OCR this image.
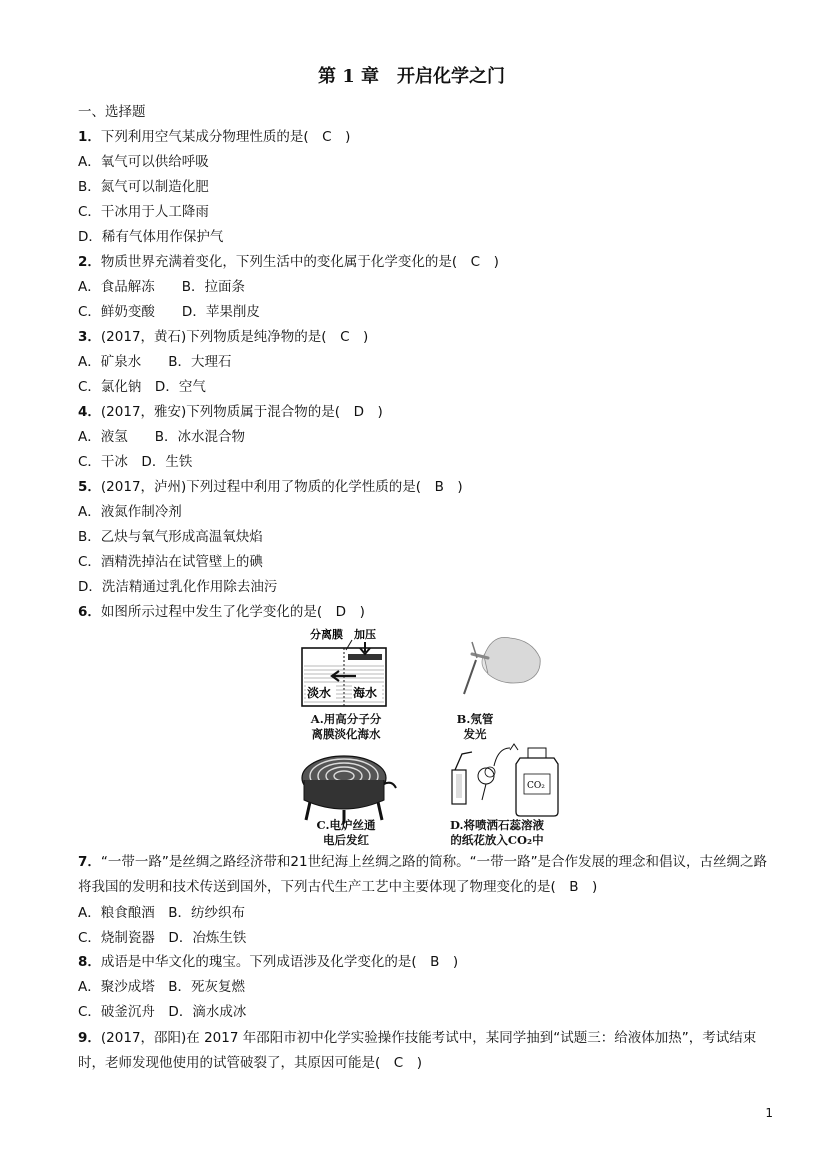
第 1 章　开启化学之门
一、选择题
1．下列利用空气某成分物理性质的是(　C　)
A．氧气可以供给呼吸
B．氮气可以制造化肥
C．干冰用于人工降雨
D．稀有气体用作保护气
2．物质世界充满着变化，下列生活中的变化属于化学变化的是(　C　)
A．食品解冻　　B．拉面条
C．鲜奶变酸　　D．苹果削皮
3．(2017，黄石)下列物质是纯净物的是(　C　)
A．矿泉水　　B．大理石
C．氯化钠　D．空气
4．(2017，雅安)下列物质属于混合物的是(　D　)
A．液氢　　B．冰水混合物
C．干冰　D．生铁
5．(2017，泸州)下列过程中利用了物质的化学性质的是(　B　)
A．液氮作制冷剂
B．乙炔与氧气形成高温氧炔焰
C．酒精洗掉沾在试管壁上的碘
D．洗洁精通过乳化作用除去油污
6．如图所示过程中发生了化学变化的是(　D　)
分离膜 加压
淡水 海水
CO₂
A.用高分子分
离膜淡化海水
B.氖管
发光
C.电炉丝通
电后发红
D.将喷洒石蕊溶液
的纸花放入CO₂中
7．“一带一路”是丝绸之路经济带和21世纪海上丝绸之路的简称。“一带一路”是合作发展的理念和倡议，古丝绸之路将我国的发明和技术传送到国外，下列古代生产工艺中主要体现了物理变化的是(　B　)
A．粮食酿酒　B．纺纱织布
C．烧制瓷器　D．冶炼生铁
8．成语是中华文化的瑰宝。下列成语涉及化学变化的是(　B　)
A．聚沙成塔　B．死灰复燃
C．破釜沉舟　D．滴水成冰
9．(2017，邵阳)在 2017 年邵阳市初中化学实验操作技能考试中，某同学抽到“试题三：给液体加热”，考试结束时，老师发现他使用的试管破裂了，其原因可能是(　C　)
1
